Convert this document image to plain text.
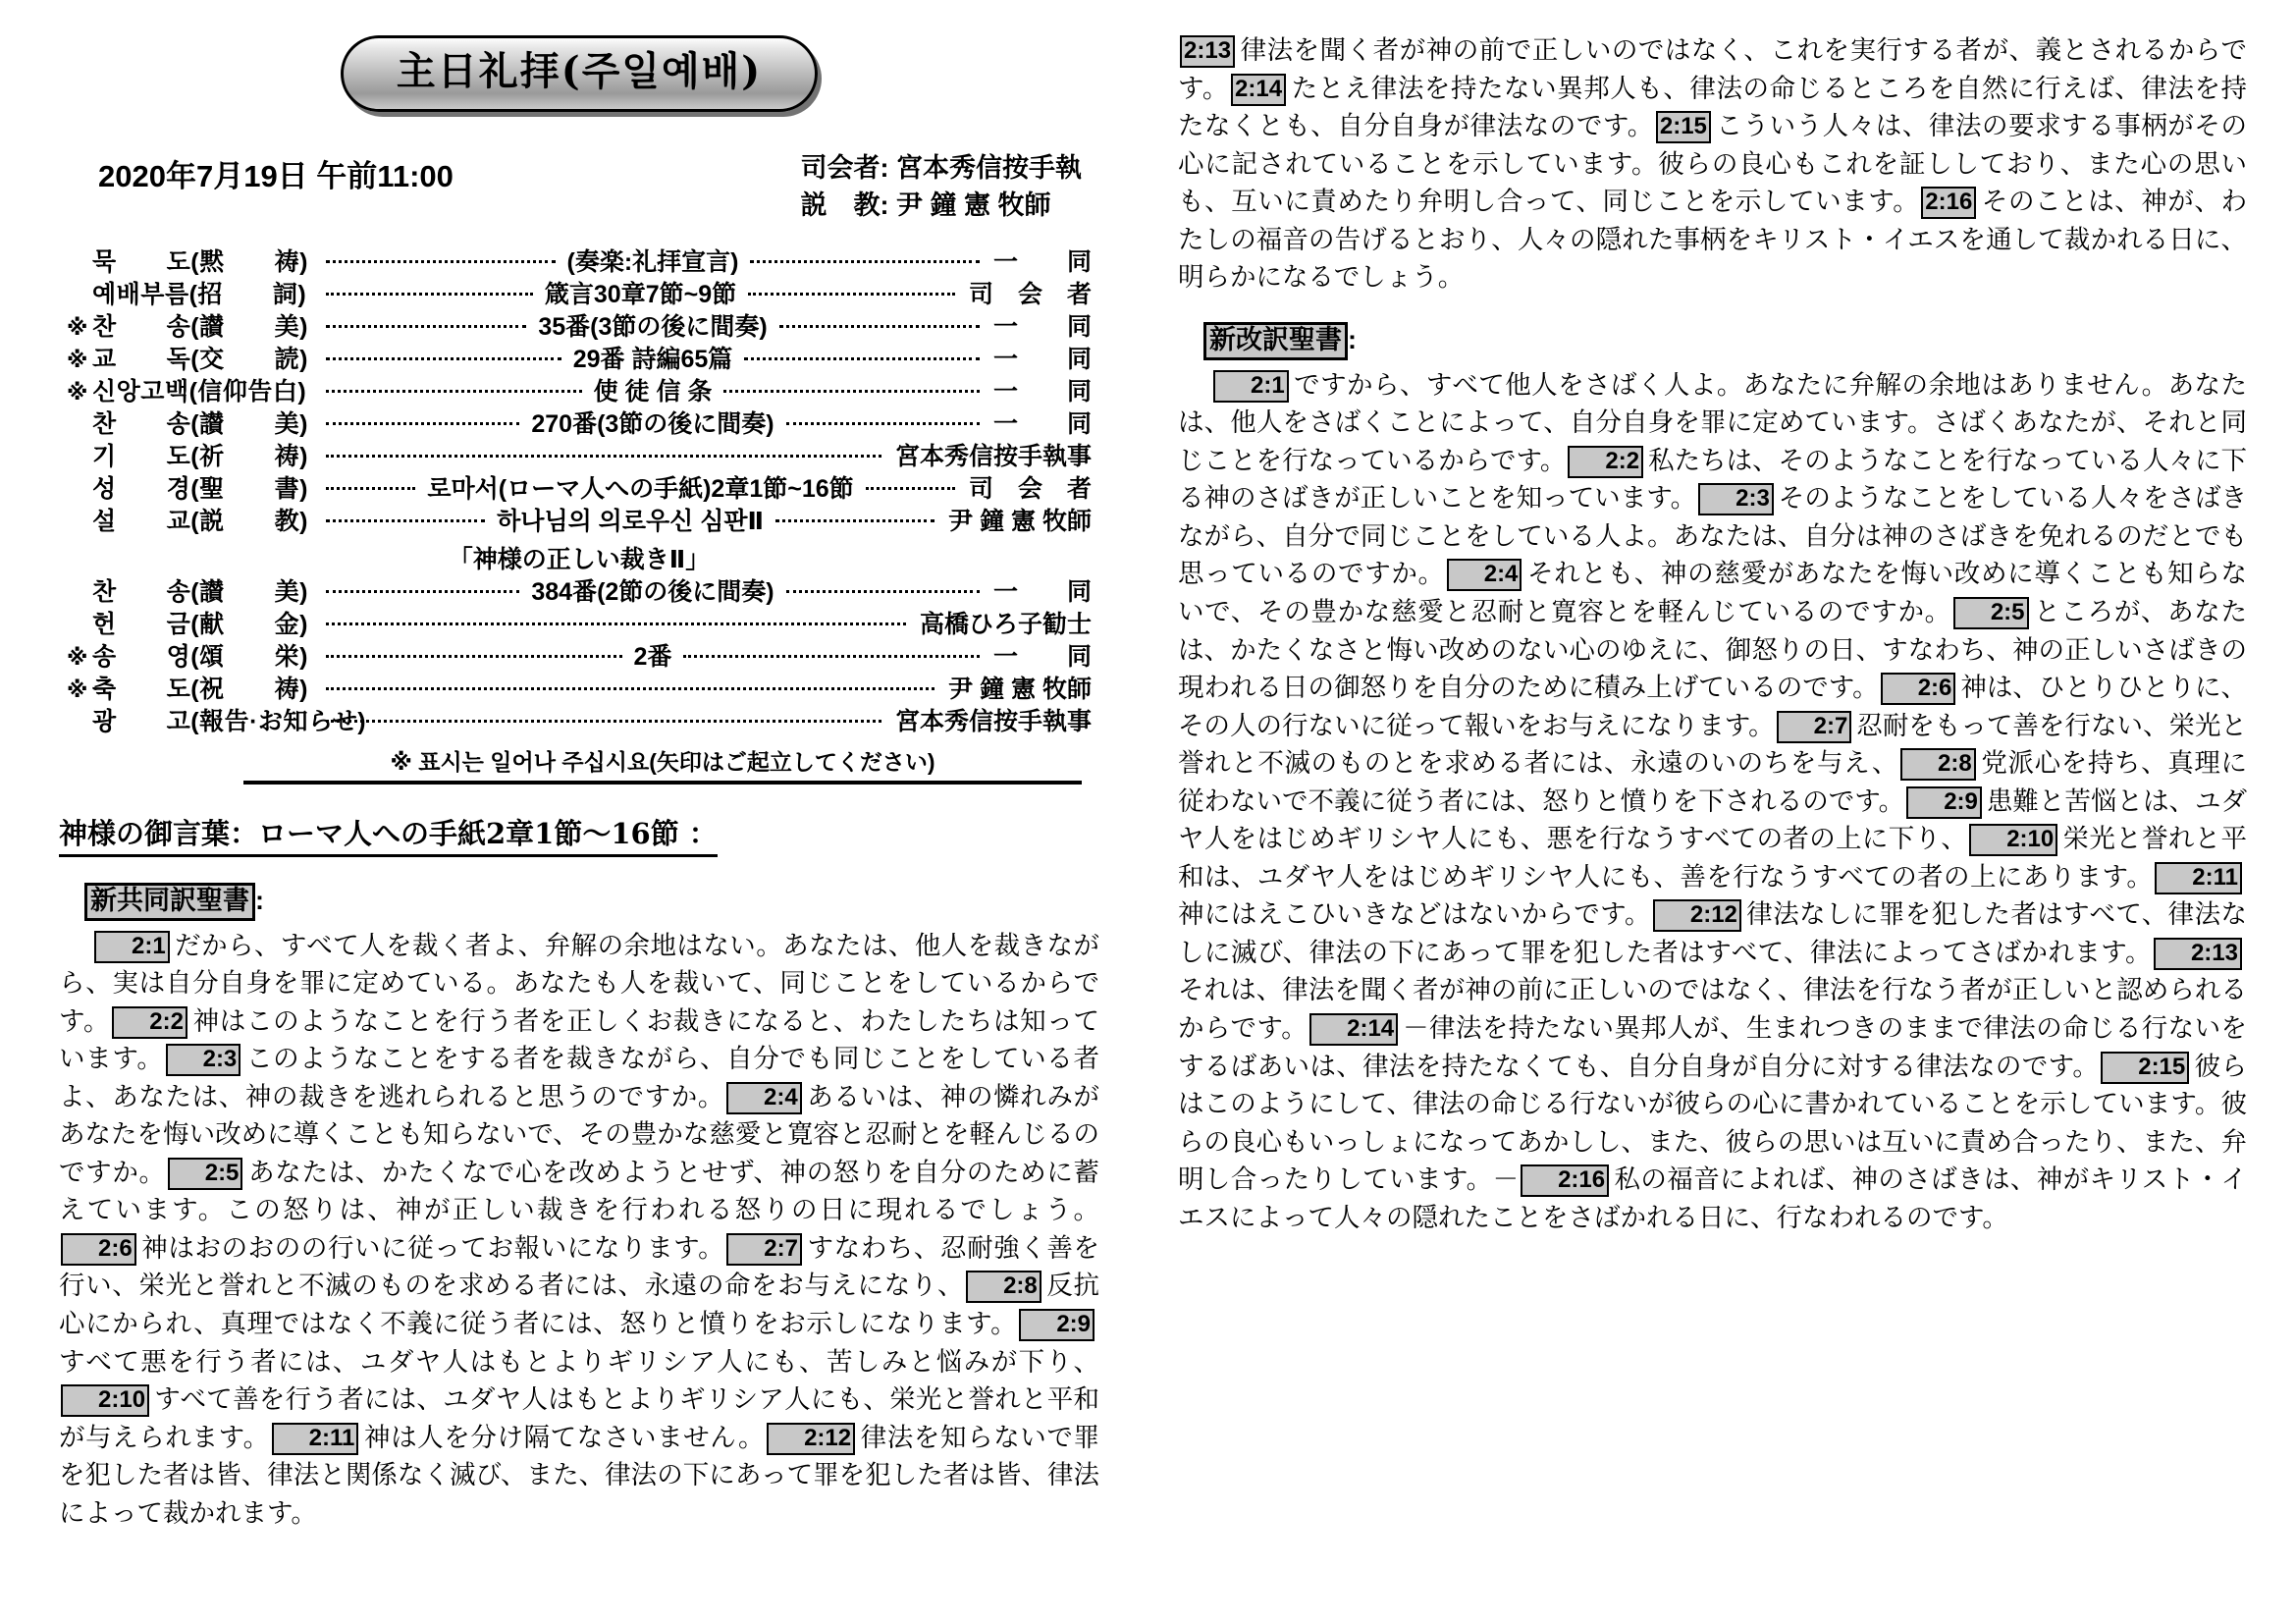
主日礼拝(주일예배)
2020年7月19日 午前11:00	司会者: 宮本秀信按手執
説　教: 尹 鐘 憲 牧師
묵　　도(黙　　祷)	(奏楽:礼拝宣言)	一　　同
예배부름(招　　詞)	箴言30章7節~9節	司　会　者
※ 찬　　송(讃　　美)	35番(3節の後に間奏)	一　　同
※ 교　　독(交　　読)	29番 詩編65篇	一　　同
※ 신앙고백(信仰告白)	使 徒 信 条	一　　同
찬　　송(讃　　美)	270番(3節の後に間奏)	一　　同
기　　도(祈　　祷)	宮本秀信按手執事
성　　경(聖　　書)	로마서(ローマ人への手紙)2章1節~16節	司　会　者
설　　교(説　　教)	하나님의 의로우신 심판Ⅱ	尹 鐘 憲 牧師
「神様の正しい裁きⅡ」
찬　　송(讃　　美)	384番(2節の後に間奏)	一　　同
헌　　금(献　　金)	高橋ひろ子勧士
※ 송　　영(頌　　栄)	2番	一　　同
※ 축　　도(祝　　祷)	尹 鐘 憲 牧師
광　　고(報告·お知らせ)	宮本秀信按手執事
※ 표시는 일어나 주십시요(矢印はご起立してください)
神様の御言葉：ローマ人への手紙2章1節～16節 ：
新共同訳聖書 :
2:1 だから、すべて人を裁く者よ、弁解の余地はない。あなたは、他人を裁きながら、実は自分自身を罪に定めている。あなたも人を裁いて、同じことをしているからです。 2:2 神はこのようなことを行う者を正しくお裁きになると、わたしたちは知っています。 2:3 このようなことをする者を裁きながら、自分でも同じことをしている者よ、あなたは、神の裁きを逃れられると思うのですか。 2:4 あるいは、神の憐れみがあなたを悔い改めに導くことも知らないで、その豊かな慈愛と寛容と忍耐とを軽んじるのですか。 2:5 あなたは、かたくなで心を改めようとせず、神の怒りを自分のために蓄えています。この怒りは、神が正しい裁きを行われる怒りの日に現れるでしょう。2:6 神はおのおのの行いに従ってお報いになります。 2:7 すなわち、忍耐強く善を行い、栄光と誉れと不滅のものを求める者には、永遠の命をお与えになり、 2:8 反抗心にかられ、真理ではなく不義に従う者には、怒りと憤りをお示しになります。 2:9すべて悪を行う者には、ユダヤ人はもとよりギリシア人にも、苦しみと悩みが下り、2:10 すべて善を行う者には、ユダヤ人はもとよりギリシア人にも、栄光と誉れと平和が与えられます。 2:11 神は人を分け隔てなさいません。 2:12 律法を知らないで罪を犯した者は皆、律法と関係なく滅び、また、律法の下にあって罪を犯した者は皆、律法によって裁かれます。
2:13 律法を聞く者が神の前で正しいのではなく、これを実行する者が、義とされるからです。 2:14 たとえ律法を持たない異邦人も、律法の命じるところを自然に行えば、律法を持たなくとも、自分自身が律法なのです。 2:15 こういう人々は、律法の要求する事柄がその心に記されていることを示しています。彼らの良心もこれを証ししており、また心の思いも、互いに責めたり弁明し合って、同じことを示しています。 2:16 そのことは、神が、わたしの福音の告げるとおり、人々の隠れた事柄をキリスト・イエスを通して裁かれる日に、明らかになるでしょう。
新改訳聖書 :
2:1 ですから、すべて他人をさばく人よ。あなたに弁解の余地はありません。あなたは、他人をさばくことによって、自分自身を罪に定めています。さばくあなたが、それと同じことを行なっているからです。 2:2 私たちは、そのようなことを行なっている人々に下る神のさばきが正しいことを知っています。 2:3 そのようなことをしている人々をさばきながら、自分で同じことをしている人よ。あなたは、自分は神のさばきを免れるのだとでも思っているのですか。 2:4 それとも、神の慈愛があなたを悔い改めに導くことも知らないで、その豊かな慈愛と忍耐と寛容とを軽んじているのですか。 2:5 ところが、あなたは、かたくなさと悔い改めのない心のゆえに、御怒りの日、すなわち、神の正しいさばきの現われる日の御怒りを自分のために積み上げているのです。 2:6 神は、ひとりひとりに、その人の行ないに従って報いをお与えになります。 2:7 忍耐をもって善を行ない、栄光と誉れと不滅のものとを求める者には、永遠のいのちを与え、 2:8 党派心を持ち、真理に従わないで不義に従う者には、怒りと憤りを下されるのです。 2:9 患難と苦悩とは、ユダヤ人をはじめギリシヤ人にも、悪を行なうすべての者の上に下り、 2:10 栄光と誉れと平和は、ユダヤ人をはじめギリシヤ人にも、善を行なうすべての者の上にあります。 2:11神にはえこひいきなどはないからです。 2:12 律法なしに罪を犯した者はすべて、律法なしに滅び、律法の下にあって罪を犯した者はすべて、律法によってさばかれます。 2:13それは、律法を聞く者が神の前に正しいのではなく、律法を行なう者が正しいと認められるからです。 2:14 －律法を持たない異邦人が、生まれつきのままで律法の命じる行ないをするばあいは、律法を持たなくても、自分自身が自分に対する律法なのです。 2:15 彼らはこのようにして、律法の命じる行ないが彼らの心に書かれていることを示しています。彼らの良心もいっしょになってあかしし、また、彼らの思いは互いに責め合ったり、また、弁明し合ったりしています。－ 2:16 私の福音によれば、神のさばきは、神がキリスト・イエスによって人々の隠れたことをさばかれる日に、行なわれるのです。
